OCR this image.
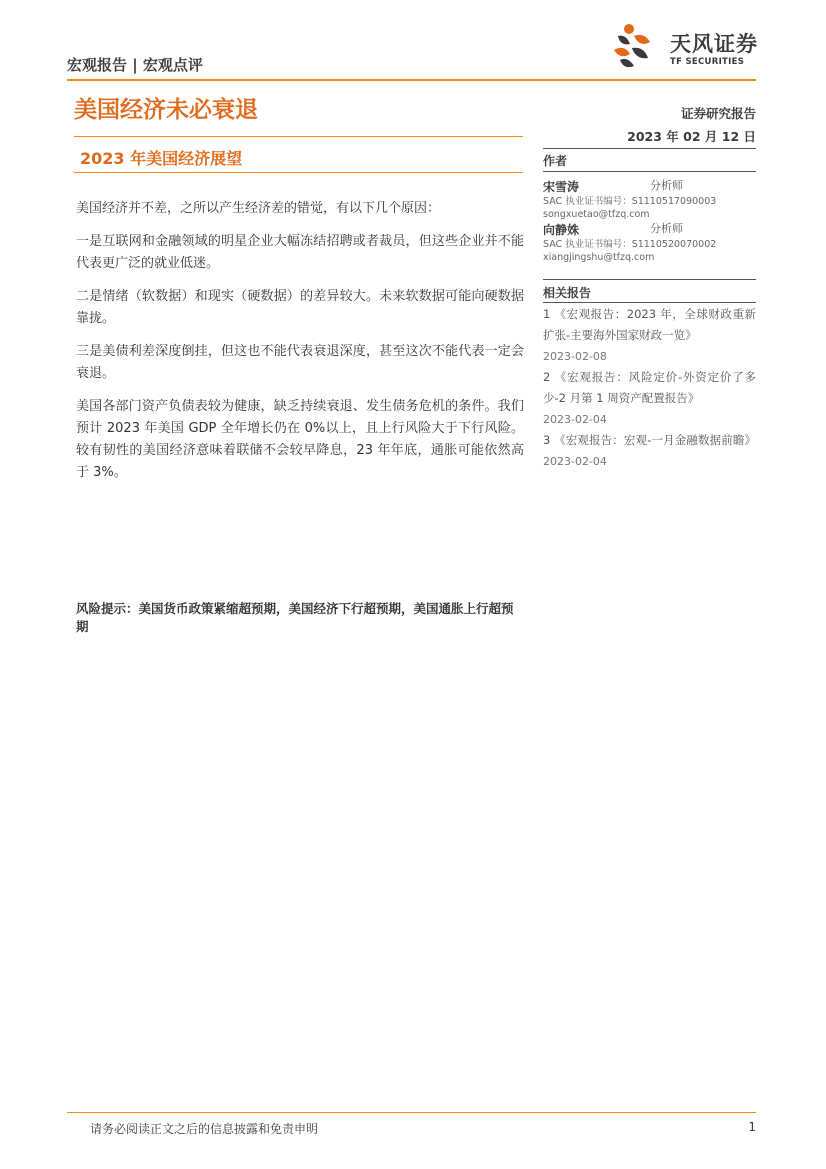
宏观报告 | 宏观点评
天风证券
TF SECURITIES
美国经济未必衰退	证券研究报告
2023 年 02 月 12 日
2023 年美国经济展望

美国经济并不差，之所以产生经济差的错觉，有以下几个原因：

一是互联网和金融领域的明星企业大幅冻结招聘或者裁员，但这些企业并不能代表更广泛的就业低迷。

二是情绪（软数据）和现实（硬数据）的差异较大。未来软数据可能向硬数据靠拢。

三是美债利差深度倒挂，但这也不能代表衰退深度，甚至这次不能代表一定会衰退。

美国各部门资产负债表较为健康，缺乏持续衰退、发生债务危机的条件。我们预计 2023 年美国 GDP 全年增长仍在 0%以上，且上行风险大于下行风险。较有韧性的美国经济意味着联储不会较早降息，23 年年底，通胀可能依然高于 3%。

风险提示：美国货币政策紧缩超预期，美国经济下行超预期，美国通胀上行超预期
作者
宋雪涛	分析师
SAC 执业证书编号：S1110517090003
songxuetao@tfzq.com
向静姝	分析师
SAC 执业证书编号：S1110520070002
xiangjingshu@tfzq.com
相关报告

1 《宏观报告：2023 年，全球财政重新扩张-主要海外国家财政一览》
2023-02-08

2 《宏观报告：风险定价-外资定价了多少-2 月第 1 周资产配置报告》
2023-02-04

3 《宏观报告：宏观-一月金融数据前瞻》 2023-02-04

请务必阅读正文之后的信息披露和免责申明	1
